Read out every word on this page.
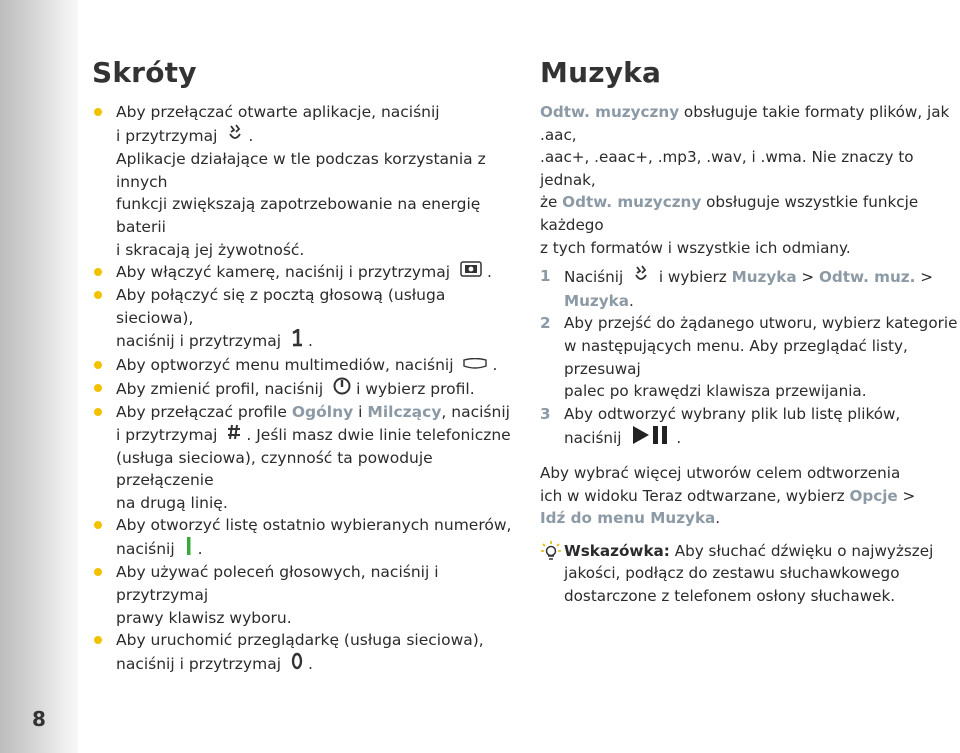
8
Skróty
Aby przełączać otwarte aplikacje, naciśnij
i przytrzymaj .
Aplikacje działające w tle podczas korzystania z innych
funkcji zwiększają zapotrzebowanie na energię baterii
i skracają jej żywotność.
Aby włączyć kamerę, naciśnij i przytrzymaj .
Aby połączyć się z pocztą głosową (usługa sieciowa),
naciśnij i przytrzymaj .
Aby optworzyć menu multimediów, naciśnij	.
Aby zmienić profil, naciśnij i wybierz profil.
Aby przełączać profile Ogólny i Milczący, naciśnij
i przytrzymaj . Jeśli masz dwie linie telefoniczne
(usługa sieciowa), czynność ta powoduje przełączenie
na drugą linię.
Aby otworzyć listę ostatnio wybieranych numerów,
naciśnij .
Aby używać poleceń głosowych, naciśnij i przytrzymaj
prawy klawisz wyboru.
Aby uruchomić przeglądarkę (usługa sieciowa),
naciśnij i przytrzymaj .
Muzyka

Odtw. muzyczny obsługuje takie formaty plików, jak .aac,
.aac+, .eaac+, .mp3, .wav, i .wma. Nie znaczy to jednak,
że Odtw. muzyczny obsługuje wszystkie funkcje każdego
z tych formatów i wszystkie ich odmiany.

1 Naciśnij i wybierz Muzyka > Odtw. muz. >
Muzyka.
2 Aby przejść do żądanego utworu, wybierz kategorie
w następujących menu. Aby przeglądać listy, przesuwaj
palec po krawędzi klawisza przewijania.
3 Aby odtworzyć wybrany plik lub listę plików,
naciśnij	.

Aby wybrać więcej utworów celem odtworzenia
ich w widoku Teraz odtwarzane, wybierz Opcje >
Idź do menu Muzyka.

Wskazówka: Aby słuchać dźwięku o najwyższej
jakości, podłącz do zestawu słuchawkowego
dostarczone z telefonem osłony słuchawek.
